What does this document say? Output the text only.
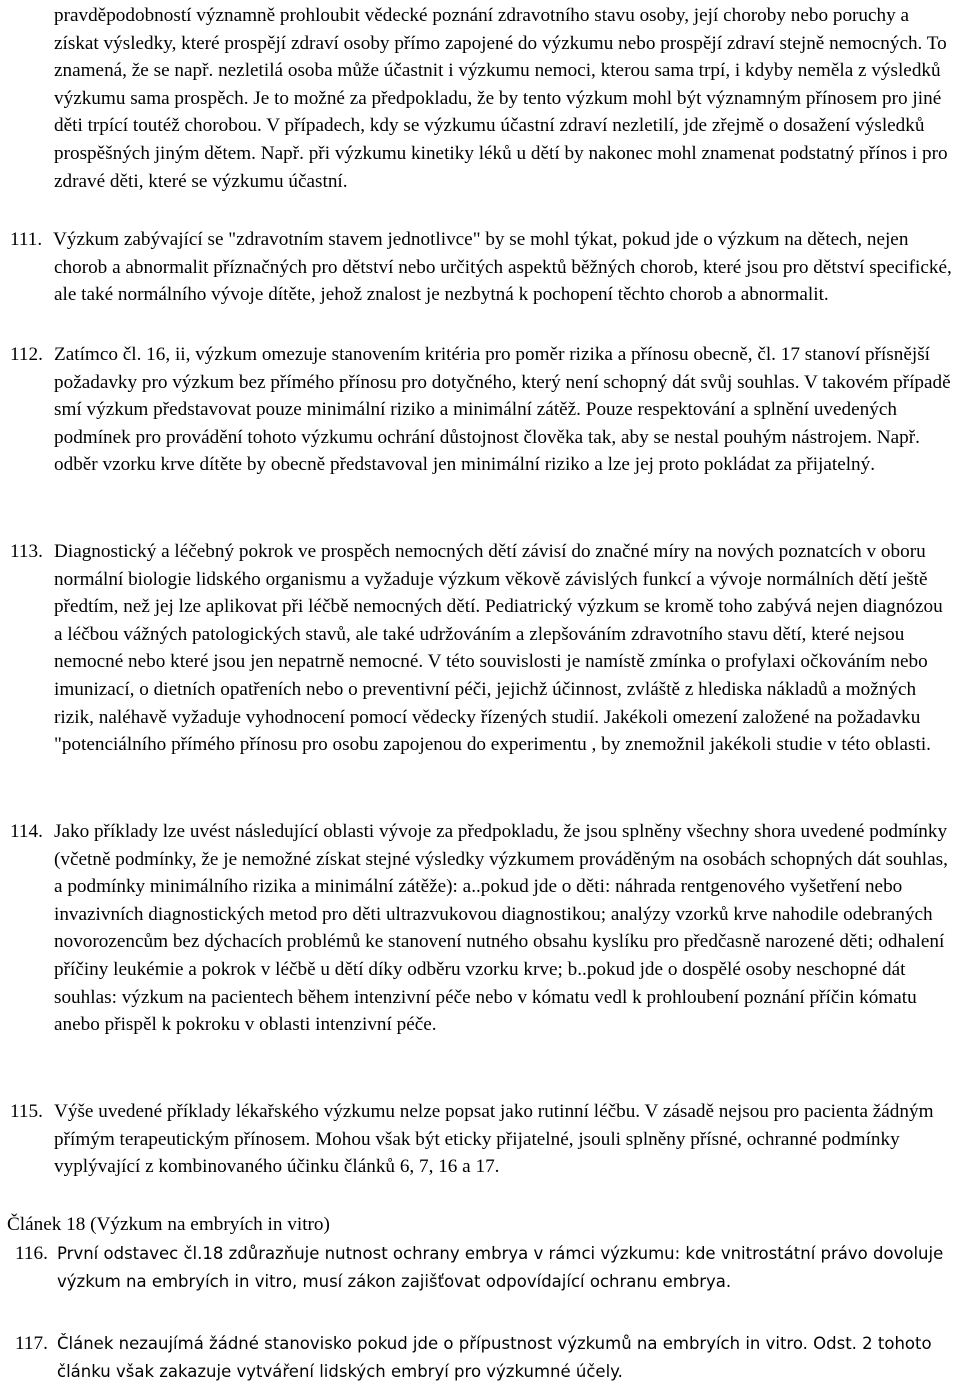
pravděpodobností významně prohloubit vědecké poznání zdravotního stavu osoby, její choroby nebo poruchy a získat výsledky, které prospějí zdraví osoby přímo zapojené do výzkumu nebo prospějí zdraví stejně nemocných. To znamená, že se např. nezletilá osoba může účastnit i výzkumu nemoci, kterou sama trpí, i kdyby neměla z výsledků výzkumu sama prospěch. Je to možné za předpokladu, že by tento výzkum mohl být významným přínosem pro jiné děti trpící toutéž chorobou. V případech, kdy se výzkumu účastní zdraví nezletilí, jde zřejmě o dosažení výsledků prospěšných jiným dětem. Např. při výzkumu kinetiky léků u dětí by nakonec mohl znamenat podstatný přínos i pro zdravé děti, které se výzkumu účastní.

111. Výzkum zabývající se "zdravotním stavem jednotlivce" by se mohl týkat, pokud jde o výzkum na dětech, nejen chorob a abnormalit příznačných pro dětství nebo určitých aspektů běžných chorob, které jsou pro dětství specifické, ale také normálního vývoje dítěte, jehož znalost je nezbytná k pochopení těchto chorob a abnormalit.
112. Zatímco čl. 16, ii, výzkum omezuje stanovením kritéria pro poměr rizika a přínosu obecně, čl. 17 stanoví přísnější požadavky pro výzkum bez přímého přínosu pro dotyčného, který není schopný dát svůj souhlas. V takovém případě smí výzkum představovat pouze minimální riziko a minimální zátěž. Pouze respektování a splnění uvedených podmínek pro provádění tohoto výzkumu ochrání důstojnost člověka tak, aby se nestal pouhým nástrojem. Např. odběr vzorku krve dítěte by obecně představoval jen minimální riziko a lze jej proto pokládat za přijatelný.
113. Diagnostický a léčebný pokrok ve prospěch nemocných dětí závisí do značné míry na nových poznatcích v oboru normální biologie lidského organismu a vyžaduje výzkum věkově závislých funkcí a vývoje normálních dětí ještě předtím, než jej lze aplikovat při léčbě nemocných dětí. Pediatrický výzkum se kromě toho zabývá nejen diagnózou a léčbou vážných patologických stavů, ale také udržováním a zlepšováním zdravotního stavu dětí, které nejsou nemocné nebo které jsou jen nepatrně nemocné. V této souvislosti je namístě zmínka o profylaxi očkováním nebo imunizací, o dietních opatřeních nebo o preventivní péči, jejichž účinnost, zvláště z hlediska nákladů a možných rizik, naléhavě vyžaduje vyhodnocení pomocí vědecky řízených studií. Jakékoli omezení založené na požadavku "potenciálního přímého přínosu pro osobu zapojenou do experimentu , by znemožnil jakékoli studie v této oblasti.
114. Jako příklady lze uvést následující oblasti vývoje za předpokladu, že jsou splněny všechny shora uvedené podmínky (včetně podmínky, že je nemožné získat stejné výsledky výzkumem prováděným na osobách schopných dát souhlas, a podmínky minimálního rizika a minimální zátěže): a..pokud jde o děti: náhrada rentgenového vyšetření nebo invazivních diagnostických metod pro děti ultrazvukovou diagnostikou; analýzy vzorků krve nahodile odebraných novorozencům bez dýchacích problémů ke stanovení nutného obsahu kyslíku pro předčasně narozené děti; odhalení příčiny leukémie a pokrok v léčbě u dětí díky odběru vzorku krve; b..pokud jde o dospělé osoby neschopné dát souhlas: výzkum na pacientech během intenzivní péče nebo v kómatu vedl k prohloubení poznání příčin kómatu anebo přispěl k pokroku v oblasti intenzivní péče.
115. Výše uvedené příklady lékařského výzkumu nelze popsat jako rutinní léčbu. V zásadě nejsou pro pacienta žádným přímým terapeutickým přínosem. Mohou však být eticky přijatelné, jsouli splněny přísné, ochranné podmínky vyplývající z kombinovaného účinku článků 6, 7, 16 a 17.
Článek 18 (Výzkum na embryích in vitro)
116. První odstavec čl.18 zdůrazňuje nutnost ochrany embrya v rámci výzkumu: kde vnitrostátní právo dovoluje výzkum na embryích in vitro, musí zákon zajišťovat odpovídající ochranu embrya.
117. Článek nezaujímá žádné stanovisko pokud jde o přípustnost výzkumů na embryích in vitro. Odst. 2 tohoto článku však zakazuje vytváření lidských embryí pro výzkumné účely.
